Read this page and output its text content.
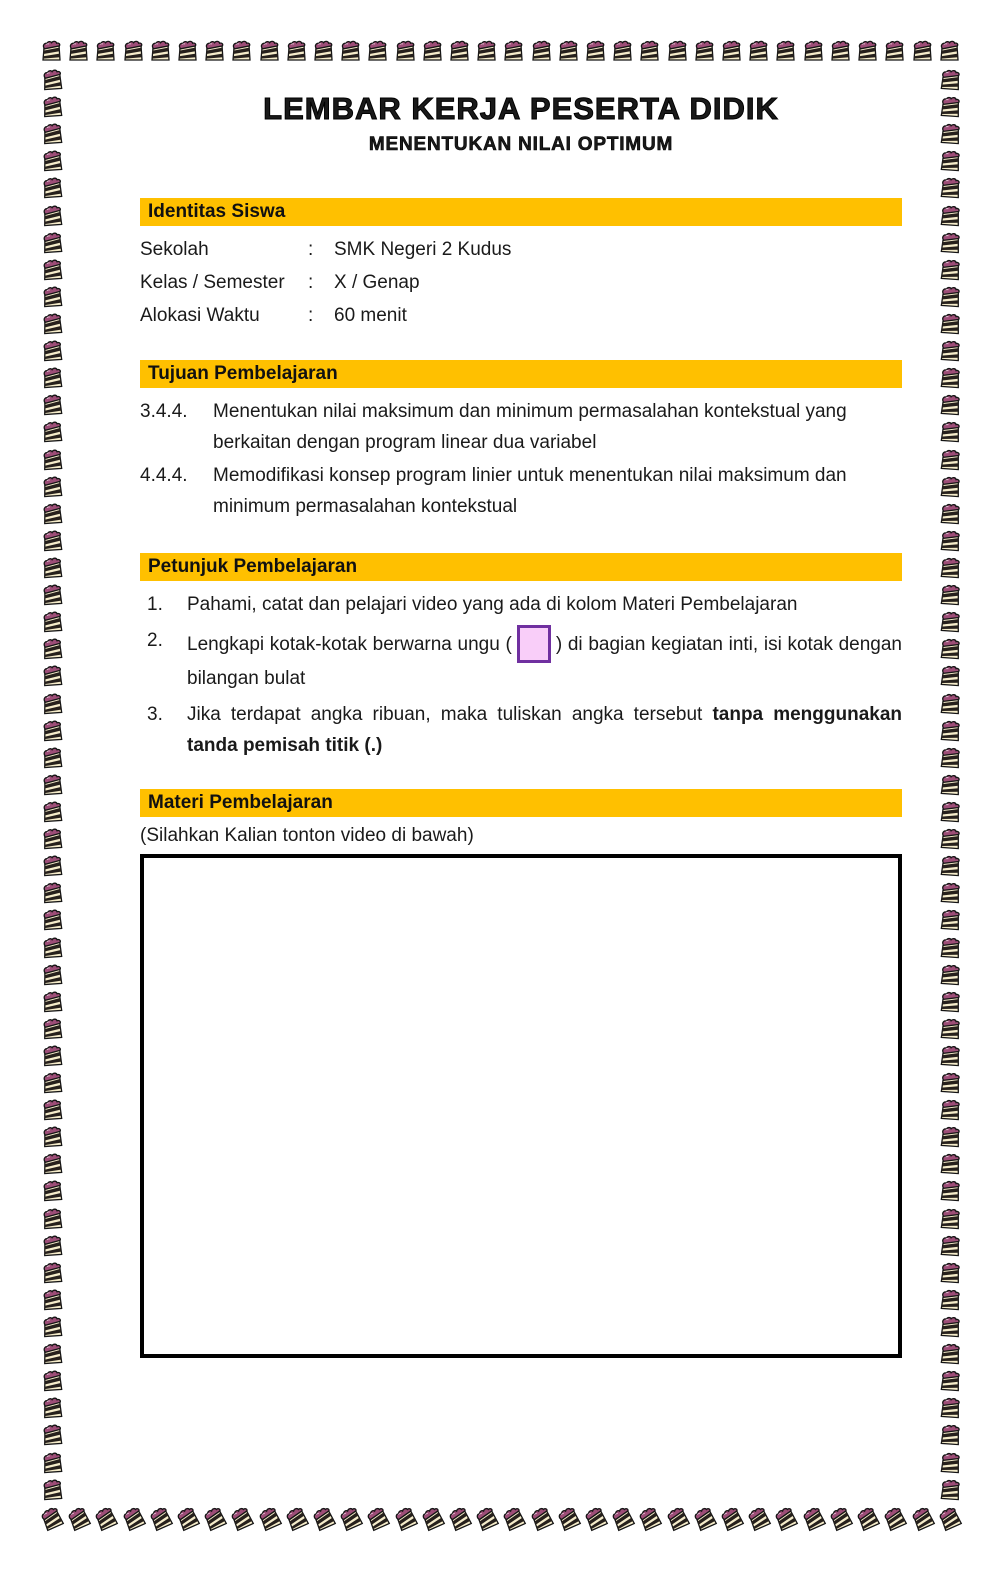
LEMBAR KERJA PESERTA DIDIK
MENENTUKAN NILAI OPTIMUM
Identitas Siswa
Sekolah	:	SMK Negeri 2 Kudus
Kelas / Semester	:	X / Genap
Alokasi Waktu	:	60 menit
Tujuan Pembelajaran
3.4.4.	Menentukan nilai maksimum dan minimum permasalahan kontekstual yang berkaitan dengan program linear dua variabel
4.4.4.	Memodifikasi konsep program linier untuk menentukan nilai maksimum dan minimum permasalahan kontekstual
Petunjuk Pembelajaran
1.	Pahami, catat dan pelajari video yang ada di kolom Materi Pembelajaran
2.	Lengkapi kotak-kotak berwarna ungu ( ) di bagian kegiatan inti, isi kotak dengan bilangan bulat
3.	Jika terdapat angka ribuan, maka tuliskan angka tersebut tanpa menggunakan tanda pemisah titik (.)
Materi Pembelajaran
(Silahkan Kalian tonton video di bawah)
